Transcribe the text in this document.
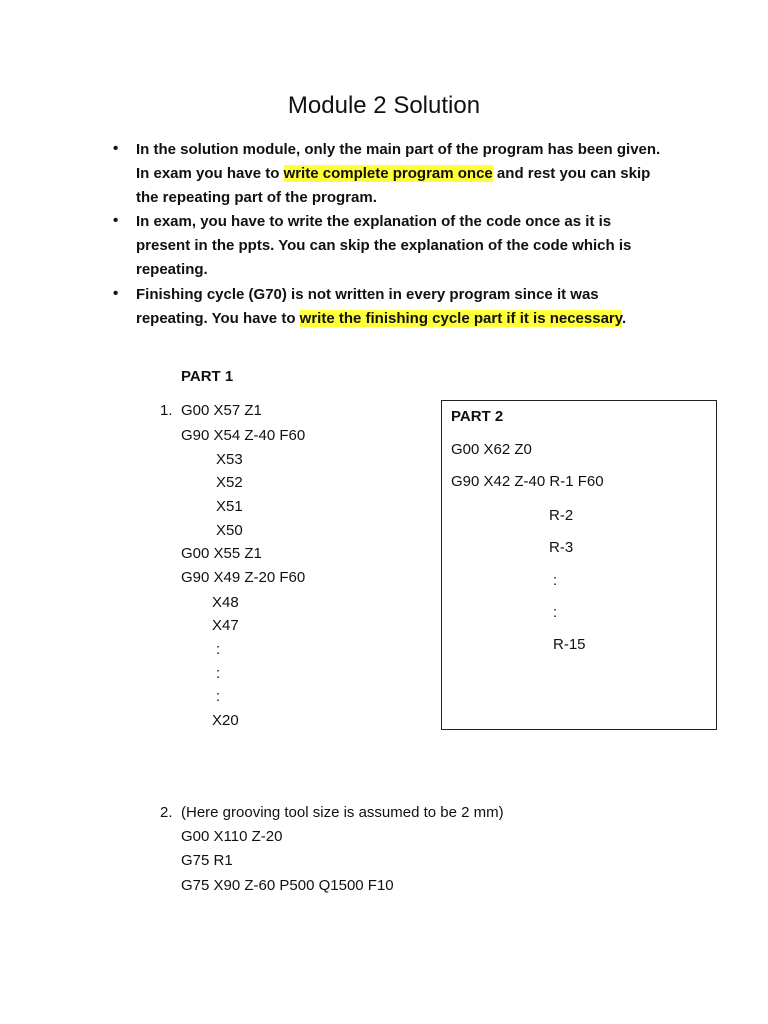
Module 2 Solution
• In the solution module, only the main part of the program has been given.
In exam you have to write complete program once and rest you can skip
the repeating part of the program.
• In exam, you have to write the explanation of the code once as it is
present in the ppts. You can skip the explanation of the code which is
repeating.
• Finishing cycle (G70) is not written in every program since it was
repeating. You have to write the finishing cycle part if it is necessary.
PART 1
1. G00 X57 Z1
G90 X54 Z-40 F60
X53
X52
X51
X50
G00 X55 Z1
G90 X49 Z-20 F60
X48
X47
:
:
:
X20
PART 2
G00 X62 Z0
G90 X42 Z-40 R-1 F60
R-2
R-3
:
:
R-15
2. (Here grooving tool size is assumed to be 2 mm)
G00 X110 Z-20
G75 R1
G75 X90 Z-60 P500 Q1500 F10
